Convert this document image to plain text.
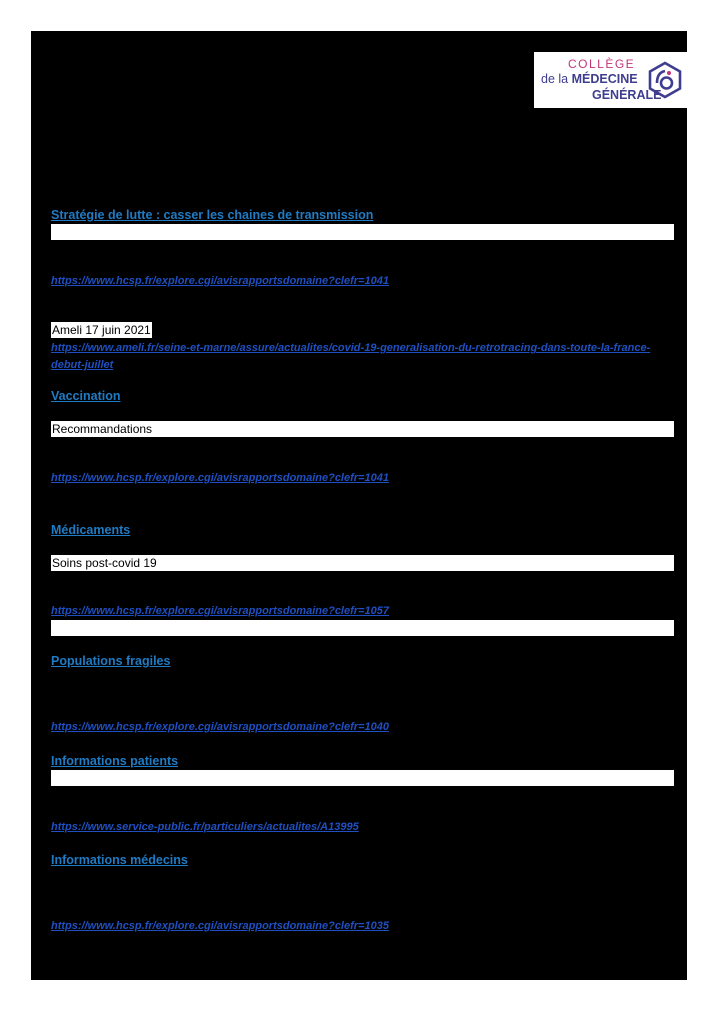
COLLÈGE
de la MÉDECINE
GÉNÉRALE
Stratégie de lutte : casser les chaines de transmission
https://www.hcsp.fr/explore.cgi/avisrapportsdomaine?clefr=1041
Ameli 17 juin 2021
https://www.ameli.fr/seine-et-marne/assure/actualites/covid-19-generalisation-du-retrotracing-dans-toute-la-france-debut-juillet
Vaccination
Recommandations
https://www.hcsp.fr/explore.cgi/avisrapportsdomaine?clefr=1041
Médicaments
Soins post-covid 19
https://www.hcsp.fr/explore.cgi/avisrapportsdomaine?clefr=1057
Populations fragiles
https://www.hcsp.fr/explore.cgi/avisrapportsdomaine?clefr=1040
Informations patients
https://www.service-public.fr/particuliers/actualites/A13995
Informations médecins
https://www.hcsp.fr/explore.cgi/avisrapportsdomaine?clefr=1035
